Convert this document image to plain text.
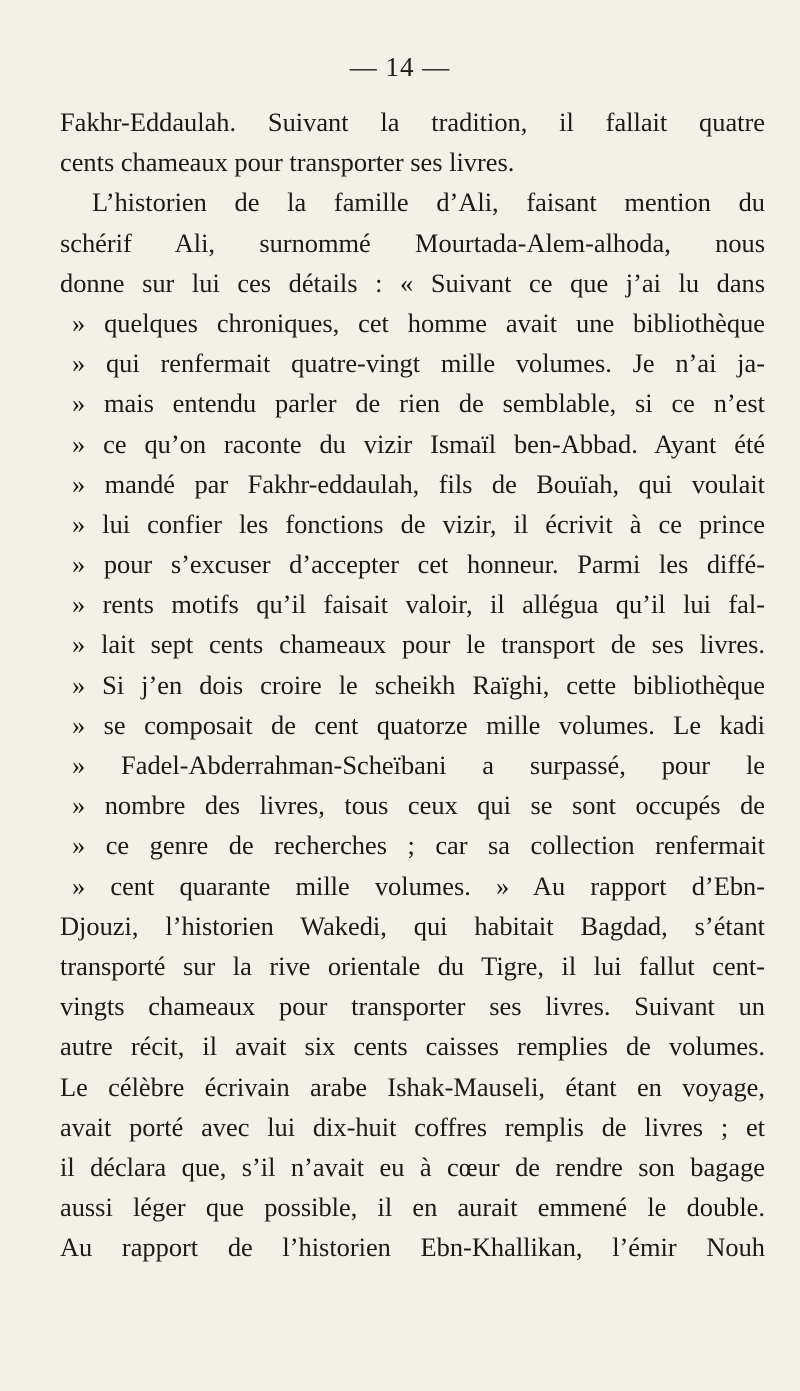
— 14 —
Fakhr-Eddaulah. Suivant la tradition, il fallait quatre
cents chameaux pour transporter ses livres.
L’historien de la famille d’Ali, faisant mention du
schérif Ali, surnommé Mourtada-Alem-alhoda, nous
donne sur lui ces détails : « Suivant ce que j’ai lu dans
» quelques chroniques, cet homme avait une bibliothèque
» qui renfermait quatre-vingt mille volumes. Je n’ai ja-
» mais entendu parler de rien de semblable, si ce n’est
» ce qu’on raconte du vizir Ismaïl ben-Abbad. Ayant été
» mandé par Fakhr-eddaulah, fils de Bouïah, qui voulait
» lui confier les fonctions de vizir, il écrivit à ce prince
» pour s’excuser d’accepter cet honneur. Parmi les diffé-
» rents motifs qu’il faisait valoir, il allégua qu’il lui fal-
» lait sept cents chameaux pour le transport de ses livres.
» Si j’en dois croire le scheikh Raïghi, cette bibliothèque
» se composait de cent quatorze mille volumes. Le kadi
» Fadel-Abderrahman-Scheïbani a surpassé, pour le
» nombre des livres, tous ceux qui se sont occupés de
» ce genre de recherches ; car sa collection renfermait
» cent quarante mille volumes. » Au rapport d’Ebn-
Djouzi, l’historien Wakedi, qui habitait Bagdad, s’étant
transporté sur la rive orientale du Tigre, il lui fallut cent-
vingts chameaux pour transporter ses livres. Suivant un
autre récit, il avait six cents caisses remplies de volumes.
Le célèbre écrivain arabe Ishak-Mauseli, étant en voyage,
avait porté avec lui dix-huit coffres remplis de livres ; et
il déclara que, s’il n’avait eu à cœur de rendre son bagage
aussi léger que possible, il en aurait emmené le double.
Au rapport de l’historien Ebn-Khallikan, l’émir Nouh
